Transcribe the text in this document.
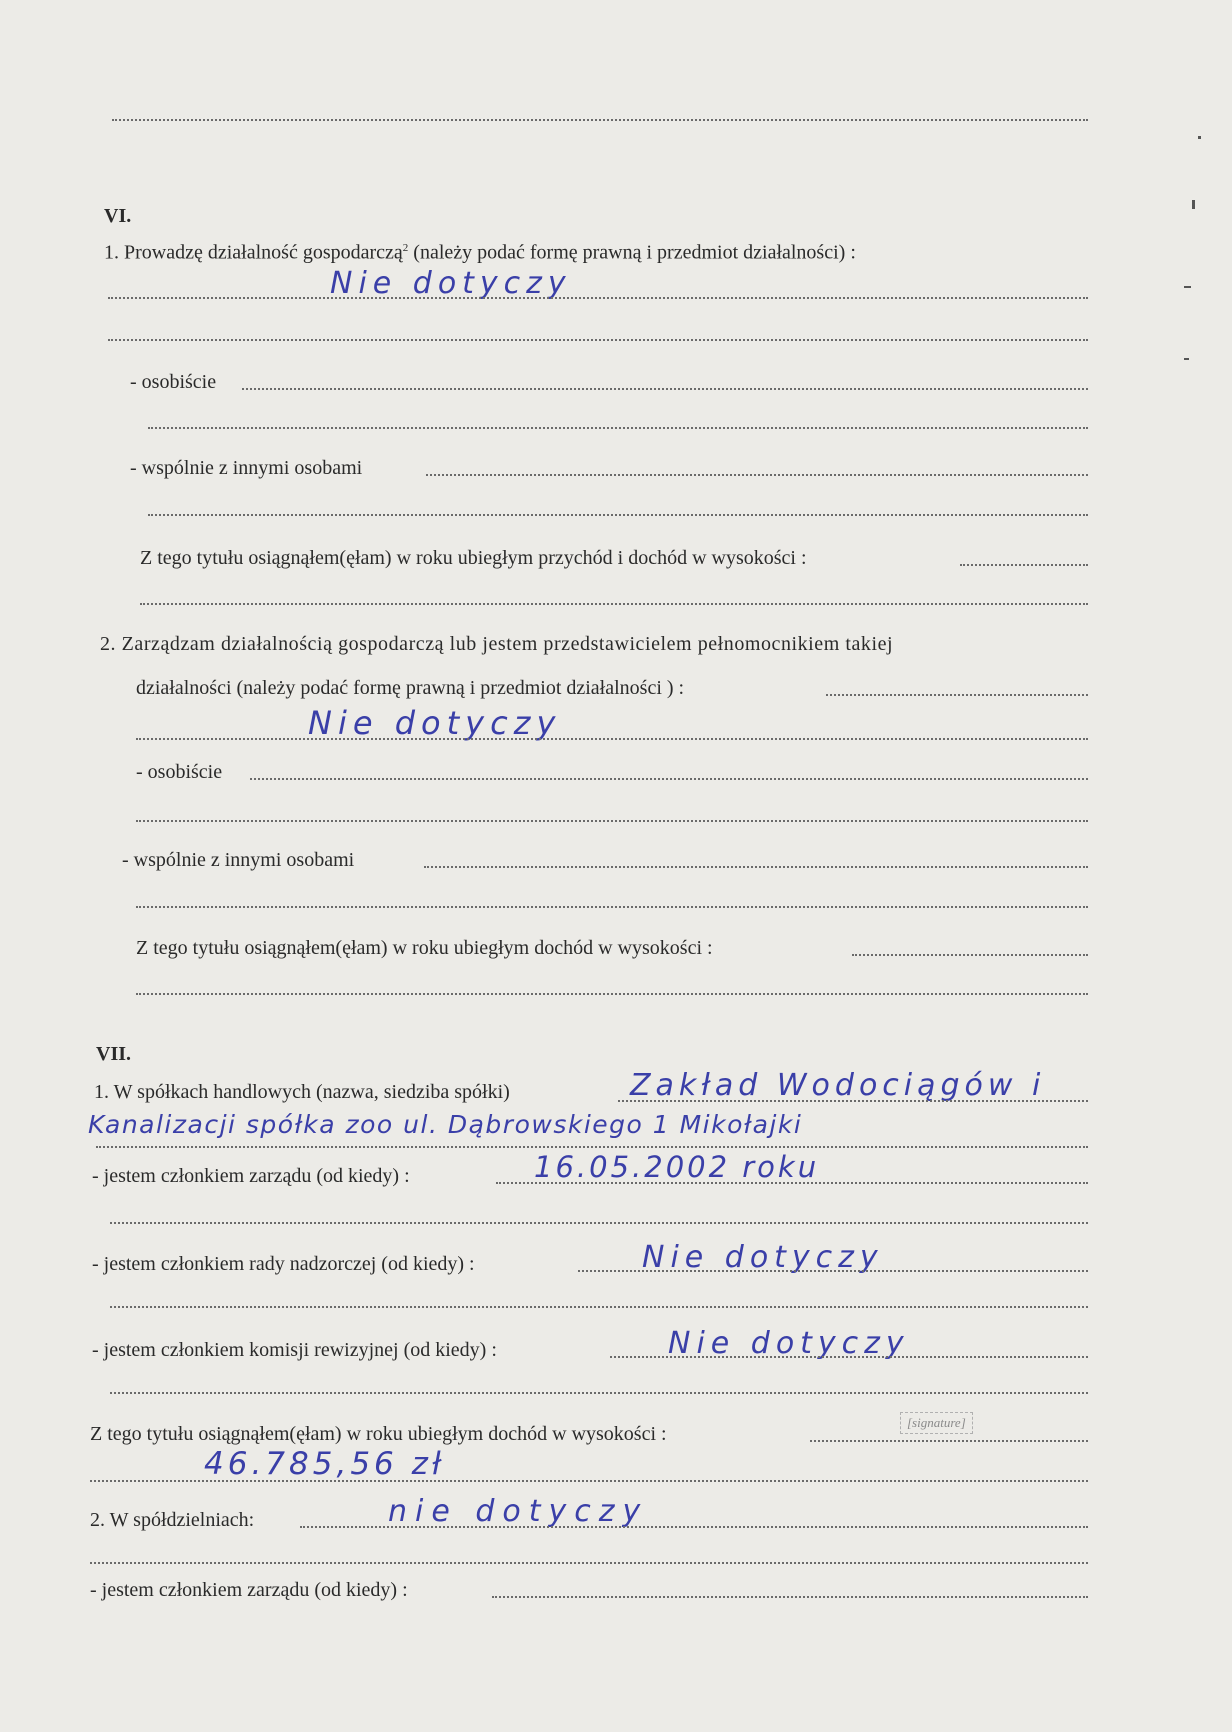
VI.
1. Prowadzę działalność gospodarczą$^2$ (należy podać formę prawną i przedmiot działalności) :
Nie dotyczy
- osobiście
- wspólnie z innymi osobami
Z tego tytułu osiągnąłem(ęłam) w roku ubiegłym przychód i dochód w wysokości :
2. Zarządzam działalnością gospodarczą lub jestem przedstawicielem pełnomocnikiem takiej
działalności (należy podać formę prawną i przedmiot działalności ) :
Nie dotyczy
- osobiście
- wspólnie z innymi osobami
Z tego tytułu osiągnąłem(ęłam) w roku ubiegłym dochód w wysokości :
VII.
1. W spółkach handlowych (nazwa, siedziba spółki)	Zakład Wodociągów i
Kanalizacji spółka zoo ul. Dąbrowskiego 1 Mikołajki
- jestem członkiem zarządu (od kiedy) :	16.05.2002 roku
- jestem członkiem rady nadzorczej (od kiedy) :	Nie dotyczy
- jestem członkiem komisji rewizyjnej (od kiedy) :	Nie dotyczy
Z tego tytułu osiągnąłem(ęłam) w roku ubiegłym dochód w wysokości :
[signature]
46.785,56 zł
2. W spółdzielniach:	nie dotyczy
- jestem członkiem zarządu (od kiedy) :
